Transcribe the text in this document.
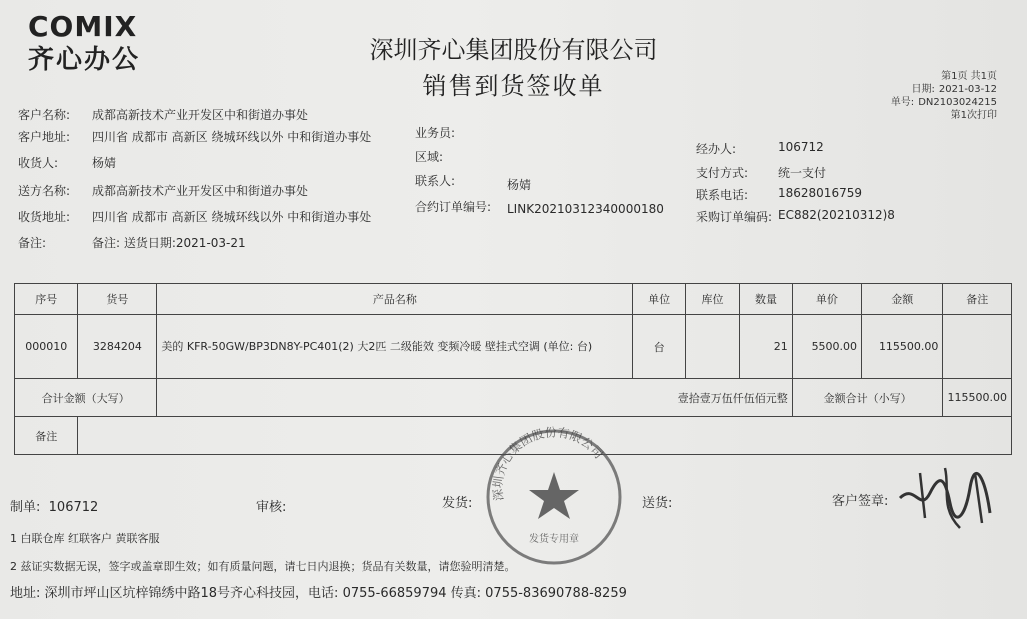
COMIX
齐心办公	深圳齐心集团股份有限公司
销售到货签收单	第1页 共1页
日期: 2021-03-12
单号: DN2103024215
第1次打印
客户名称: 成都高新技术产业开发区中和街道办事处
客户地址: 四川省 成都市 高新区 绕城环线以外 中和街道办事处
收货人:	杨婧
送方名称: 成都高新技术产业开发区中和街道办事处
收货地址: 四川省 成都市 高新区 绕城环线以外 中和街道办事处
备注:	备注: 送货日期:2021-03-21
业务员:
区域:
联系人:	杨婧
合约订单编号: LINK20210312340000180
经办人:	106712
支付方式: 统一支付
联系电话: 18628016759
采购订单编码: EC882(20210312)8
序号	货号	产品名称	单位	库位	数量	单价	金额	备注
000010	3284204	美的 KFR-50GW/BP3DN8Y-PC401(2) 大2匹 二级能效 变频冷暖 壁挂式空调 (单位: 台)	台		21	5500.00	115500.00	
合计金额（大写）		壹拾壹万伍仟伍佰元整				金额合计（小写）		115500.00
备注								
制单: 106712	审核:	发货:	送货:	客户签章:
1 白联仓库 红联客户 黄联客服
2 兹证实数据无误，签字或盖章即生效；如有质量问题，请七日内退换；货品有关数量，请您验明清楚。
地址: 深圳市坪山区坑梓锦绣中路18号齐心科技园，电话: 0755-66859794 传真: 0755-83690788-8259
深圳齐心集团股份有限公司
发货专用章
